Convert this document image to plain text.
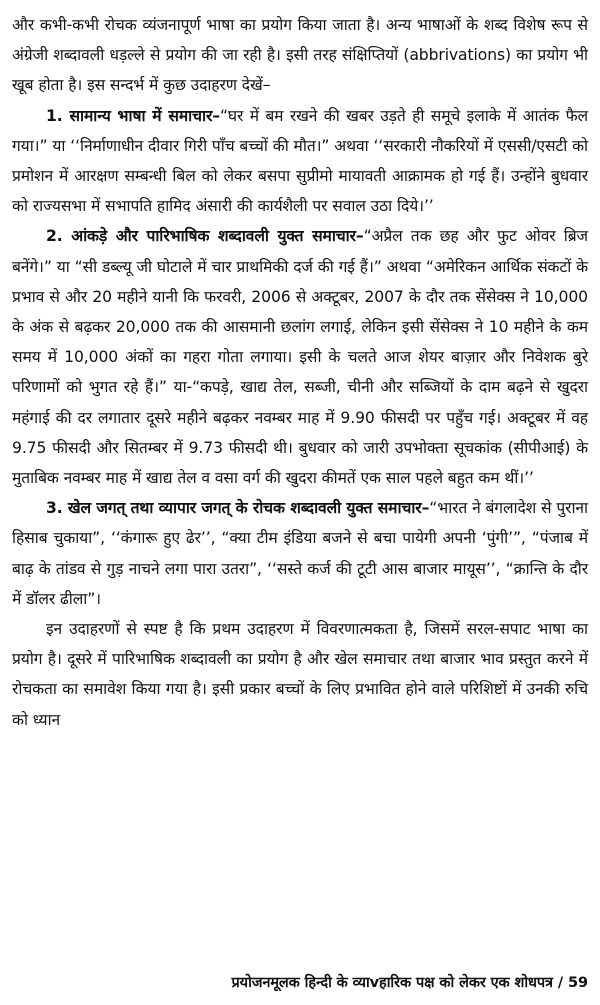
और कभी-कभी रोचक व्यंजनापूर्ण भाषा का प्रयोग किया जाता है। अन्य भाषाओं के शब्द विशेष रूप से अंग्रेजी शब्दावली धड़ल्ले से प्रयोग की जा रही है। इसी तरह संक्षिप्तियों (abbrivations) का प्रयोग भी खूब होता है। इस सन्दर्भ में कुछ उदाहरण देखें–

1. सामान्य भाषा में समाचार–“घर में बम रखने की खबर उड़ते ही समूचे इलाके में आतंक फैल गया।” या ‘‘निर्माणाधीन दीवार गिरी पाँच बच्चों की मौत।” अथवा ‘‘सरकारी नौकरियों में एससी/एसटी को प्रमोशन में आरक्षण सम्बन्धी बिल को लेकर बसपा सुप्रीमो मायावती आक्रामक हो गई हैं। उन्होंने बुधवार को राज्यसभा में सभापति हामिद अंसारी की कार्यशैली पर सवाल उठा दिये।’’

2. आंकड़े और पारिभाषिक शब्दावली युक्त समाचार–“अप्रैल तक छह और फुट ओवर ब्रिज बनेंगे।” या “सी डब्ल्यू जी घोटाले में चार प्राथमिकी दर्ज की गई हैं।” अथवा “अमेरिकन आर्थिक संकटों के प्रभाव से और 20 महीने यानी कि फरवरी, 2006 से अक्टूबर, 2007 के दौर तक सेंसेक्स ने 10,000 के अंक से बढ़कर 20,000 तक की आसमानी छलांग लगाई, लेकिन इसी सेंसेक्स ने 10 महीने के कम समय में 10,000 अंकों का गहरा गोता लगाया। इसी के चलते आज शेयर बाज़ार और निवेशक बुरे परिणामों को भुगत रहे हैं।” या-“कपड़े, खाद्य तेल, सब्जी, चीनी और सब्जियों के दाम बढ़ने से खुदरा महंगाई की दर लगातार दूसरे महीने बढ़कर नवम्बर माह में 9.90 फीसदी पर पहुँच गई। अक्टूबर में वह 9.75 फीसदी और सितम्बर में 9.73 फीसदी थी। बुधवार को जारी उपभोक्ता सूचकांक (सीपीआई) के मुताबिक नवम्बर माह में खाद्य तेल व वसा वर्ग की खुदरा कीमतें एक साल पहले बहुत कम थीं।’’

3. खेल जगत् तथा व्यापार जगत् के रोचक शब्दावली युक्त समाचार–“भारत ने बंगलादेश से पुराना हिसाब चुकाया”, ‘‘कंगारू हुए ढेर’’, “क्या टीम इंडिया बजने से बचा पायेगी अपनी ‘पुंगी’”, “पंजाब में बाढ़ के तांडव से गुड़ नाचने लगा पारा उतरा”, ‘‘सस्ते कर्ज की टूटी आस बाजार मायूस’’, “क्रान्ति के दौर में डॉलर ढीला”।

इन उदाहरणों से स्पष्ट है कि प्रथम उदाहरण में विवरणात्मकता है, जिसमें सरल-सपाट भाषा का प्रयोग है। दूसरे में पारिभाषिक शब्दावली का प्रयोग है और खेल समाचार तथा बाजार भाव प्रस्तुत करने में रोचकता का समावेश किया गया है। इसी प्रकार बच्चों के लिए प्रभावित होने वाले परिशिष्टों में उनकी रुचि को ध्यान

प्रयोजनमूलक हिन्दी के व्याvहारिक पक्ष को लेकर एक शोधपत्र / 59
